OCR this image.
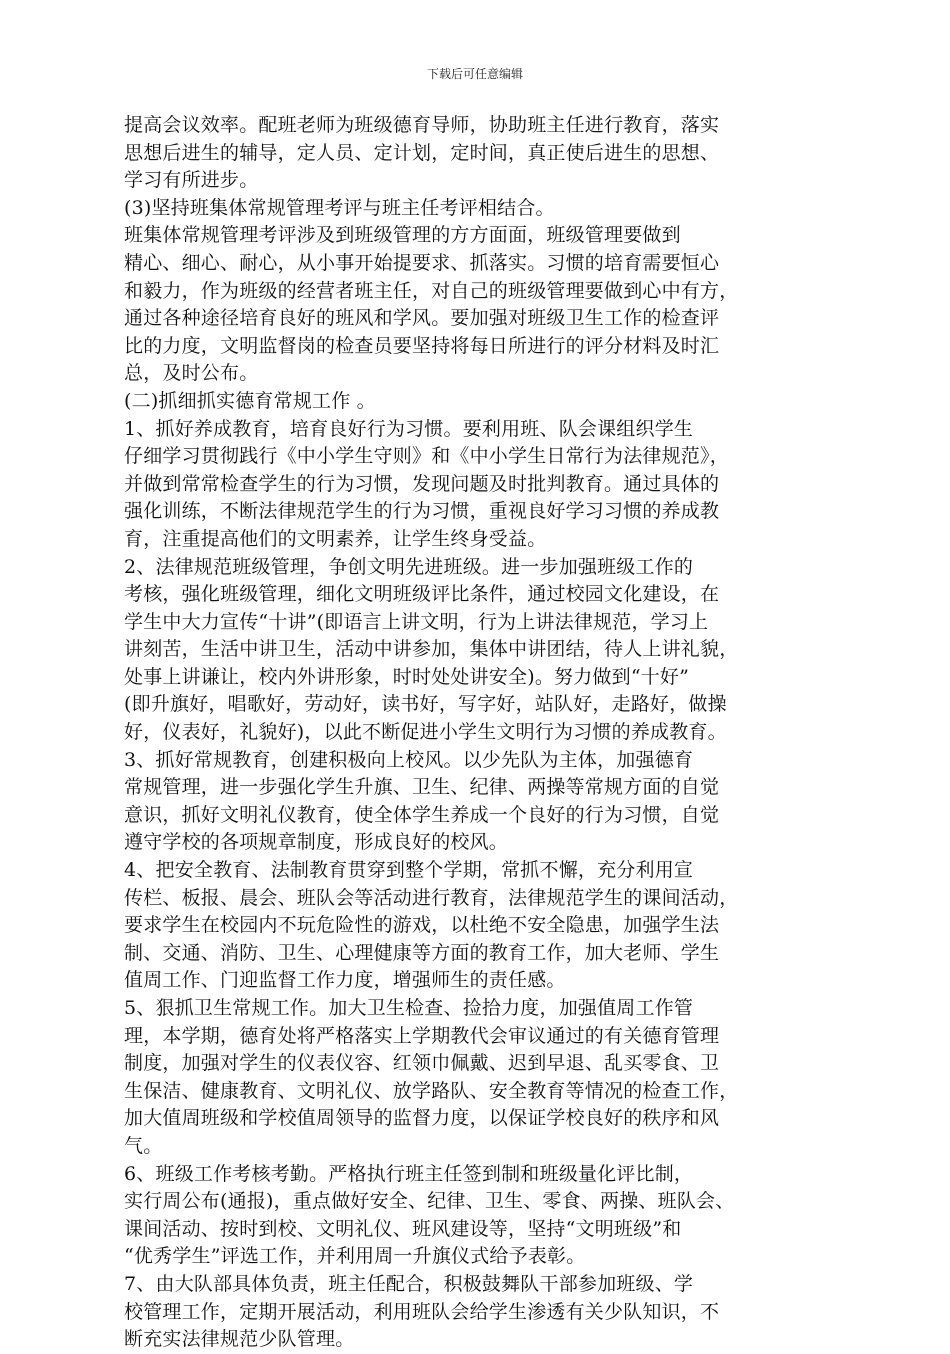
下载后可任意编辑
提高会议效率。配班老师为班级德育导师，协助班主任进行教育，落实
思想后进生的辅导，定人员、定计划，定时间，真正使后进生的思想、
学习有所进步。
(3)坚持班集体常规管理考评与班主任考评相结合。
班集体常规管理考评涉及到班级管理的方方面面，班级管理要做到
精心、细心、耐心，从小事开始提要求、抓落实。习惯的培育需要恒心
和毅力，作为班级的经营者班主任，对自己的班级管理要做到心中有方，
通过各种途径培育良好的班风和学风。要加强对班级卫生工作的检查评
比的力度，文明监督岗的检查员要坚持将每日所进行的评分材料及时汇
总，及时公布。
(二)抓细抓实德育常规工作 。
1、抓好养成教育，培育良好行为习惯。要利用班、队会课组织学生
仔细学习贯彻践行《中小学生守则》和《中小学生日常行为法律规范》，
并做到常常检查学生的行为习惯，发现问题及时批判教育。通过具体的
强化训练，不断法律规范学生的行为习惯，重视良好学习习惯的养成教
育，注重提高他们的文明素养，让学生终身受益。
2、法律规范班级管理，争创文明先进班级。进一步加强班级工作的
考核，强化班级管理，细化文明班级评比条件，通过校园文化建设，在
学生中大力宣传“十讲”(即语言上讲文明，行为上讲法律规范，学习上
讲刻苦，生活中讲卫生，活动中讲参加，集体中讲团结，待人上讲礼貌，
处事上讲谦让，校内外讲形象，时时处处讲安全)。努力做到“十好”
(即升旗好，唱歌好，劳动好，读书好，写字好，站队好，走路好，做操
好，仪表好，礼貌好)，以此不断促进小学生文明行为习惯的养成教育。
3、抓好常规教育，创建积极向上校风。以少先队为主体，加强德育
常规管理，进一步强化学生升旗、卫生、纪律、两操等常规方面的自觉
意识，抓好文明礼仪教育，使全体学生养成一个良好的行为习惯，自觉
遵守学校的各项规章制度，形成良好的校风。
4、把安全教育、法制教育贯穿到整个学期，常抓不懈，充分利用宣
传栏、板报、晨会、班队会等活动进行教育，法律规范学生的课间活动，
要求学生在校园内不玩危险性的游戏，以杜绝不安全隐患，加强学生法
制、交通、消防、卫生、心理健康等方面的教育工作，加大老师、学生
值周工作、门迎监督工作力度，增强师生的责任感。
5、狠抓卫生常规工作。加大卫生检查、捡拾力度，加强值周工作管
理，本学期，德育处将严格落实上学期教代会审议通过的有关德育管理
制度，加强对学生的仪表仪容、红领巾佩戴、迟到早退、乱买零食、卫
生保洁、健康教育、文明礼仪、放学路队、安全教育等情况的检查工作，
加大值周班级和学校值周领导的监督力度，以保证学校良好的秩序和风
气。
6、班级工作考核考勤。严格执行班主任签到制和班级量化评比制，
实行周公布(通报)，重点做好安全、纪律、卫生、零食、两操、班队会、
课间活动、按时到校、文明礼仪、班风建设等，坚持“文明班级”和
“优秀学生”评选工作，并利用周一升旗仪式给予表彰。
7、由大队部具体负责，班主任配合，积极鼓舞队干部参加班级、学
校管理工作，定期开展活动，利用班队会给学生渗透有关少队知识，不
断充实法律规范少队管理。
